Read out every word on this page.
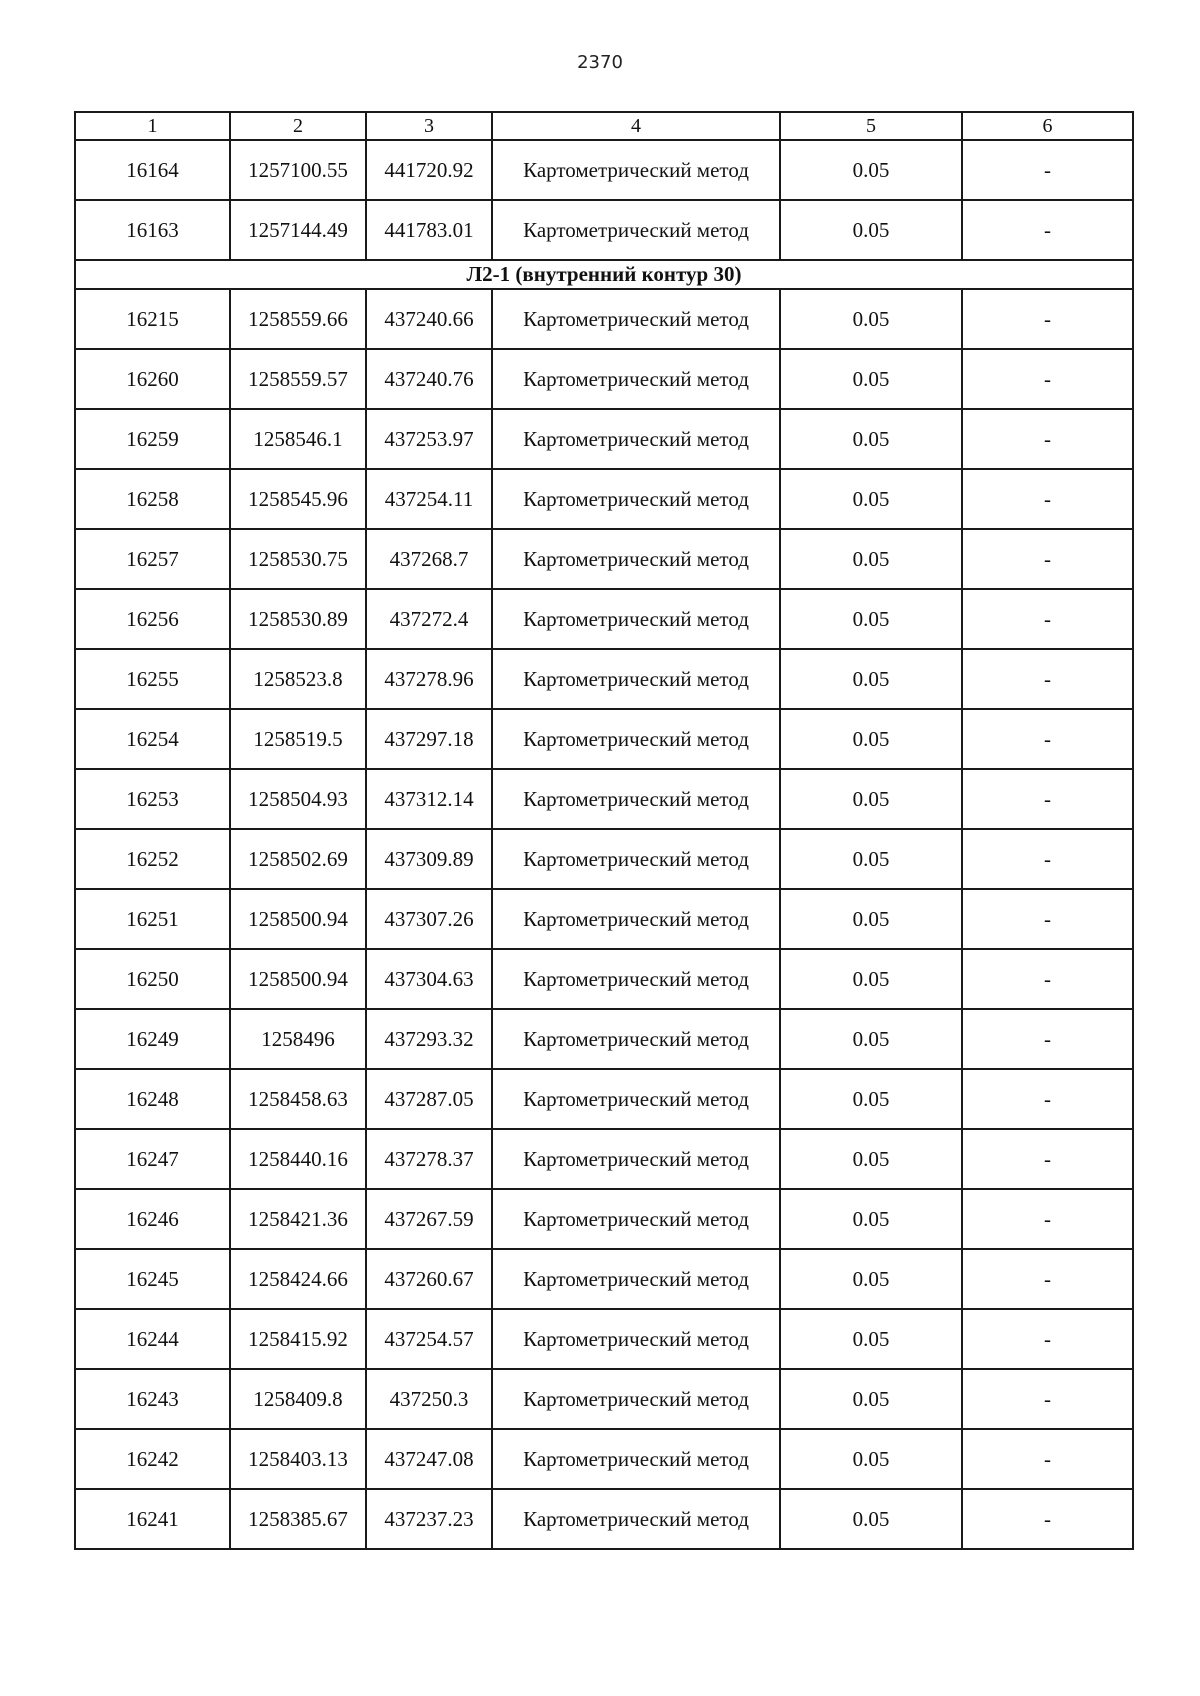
2370
1	2	3	4	5	6
16164	1257100.55	441720.92	Картометрический метод	0.05	-
16163	1257144.49	441783.01	Картометрический метод	0.05	-
Л2-1 (внутренний контур 30)					
16215	1258559.66	437240.66	Картометрический метод	0.05	-
16260	1258559.57	437240.76	Картометрический метод	0.05	-
16259	1258546.1	437253.97	Картометрический метод	0.05	-
16258	1258545.96	437254.11	Картометрический метод	0.05	-
16257	1258530.75	437268.7	Картометрический метод	0.05	-
16256	1258530.89	437272.4	Картометрический метод	0.05	-
16255	1258523.8	437278.96	Картометрический метод	0.05	-
16254	1258519.5	437297.18	Картометрический метод	0.05	-
16253	1258504.93	437312.14	Картометрический метод	0.05	-
16252	1258502.69	437309.89	Картометрический метод	0.05	-
16251	1258500.94	437307.26	Картометрический метод	0.05	-
16250	1258500.94	437304.63	Картометрический метод	0.05	-
16249	1258496	437293.32	Картометрический метод	0.05	-
16248	1258458.63	437287.05	Картометрический метод	0.05	-
16247	1258440.16	437278.37	Картометрический метод	0.05	-
16246	1258421.36	437267.59	Картометрический метод	0.05	-
16245	1258424.66	437260.67	Картометрический метод	0.05	-
16244	1258415.92	437254.57	Картометрический метод	0.05	-
16243	1258409.8	437250.3	Картометрический метод	0.05	-
16242	1258403.13	437247.08	Картометрический метод	0.05	-
16241	1258385.67	437237.23	Картометрический метод	0.05	-
